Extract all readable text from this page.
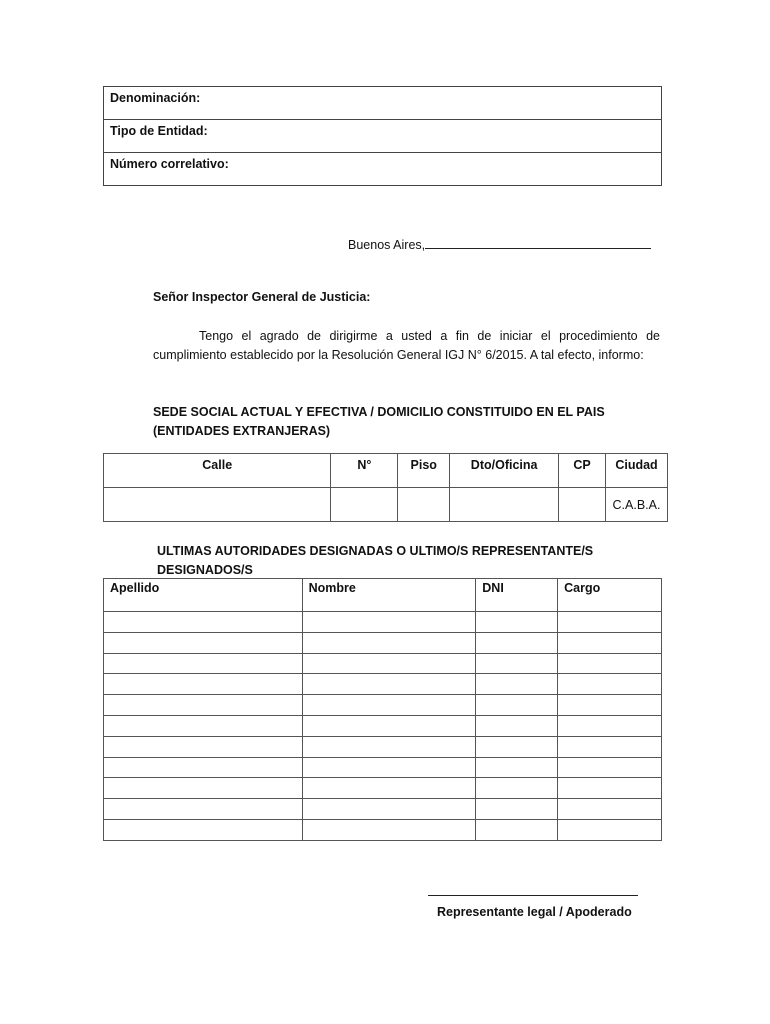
Denominación:
Tipo de Entidad:
Número correlativo:
Buenos Aires,
Señor Inspector General de Justicia:
Tengo el agrado de dirigirme a usted a fin de iniciar el procedimiento de cumplimiento establecido por la Resolución General IGJ N° 6/2015. A tal efecto, informo:
SEDE SOCIAL ACTUAL Y EFECTIVA / DOMICILIO CONSTITUIDO EN EL PAIS (ENTIDADES EXTRANJERAS)
Calle	N°	Piso	Dto/Oficina	CP	Ciudad
					C.A.B.A.
ULTIMAS AUTORIDADES DESIGNADAS O ULTIMO/S REPRESENTANTE/S DESIGNADOS/S
Apellido	Nombre	DNI	Cargo

Representante legal / Apoderado
